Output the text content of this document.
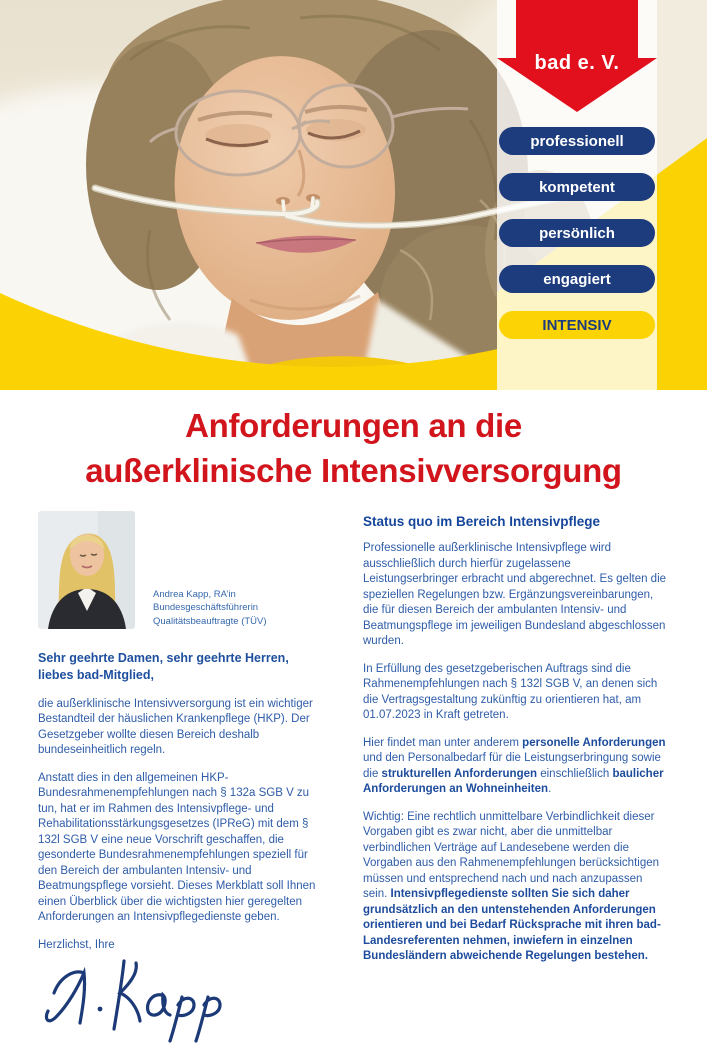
bad e. V.
professionell
kompetent
persönlich
engagiert
INTENSIV
Anforderungen an die
außerklinische Intensivversorgung
Andrea Kapp, RA’in
Bundesgeschäftsführerin
Qualitätsbeauftragte (TÜV)
Sehr geehrte Damen, sehr geehrte Herren,
liebes bad-Mitglied,

die außerklinische Intensivversorgung ist ein wichtiger Bestandteil der häuslichen Krankenpflege (HKP). Der Gesetzgeber wollte diesen Bereich deshalb bundeseinheitlich regeln.

Anstatt dies in den allgemeinen HKP-Bundesrahmenempfehlungen nach § 132a SGB V zu tun, hat er im Rahmen des Intensivpflege- und Rehabilitationsstärkungsgesetzes (IPReG) mit dem § 132l SGB V eine neue Vorschrift geschaffen, die gesonderte Bundesrahmenempfehlungen speziell für den Bereich der ambulanten Intensiv- und Beatmungspflege vorsieht. Dieses Merkblatt soll Ihnen einen Überblick über die wichtigsten hier geregelten Anforderungen an Intensivpflegedienste geben.

Herzlichst, Ihre
Status quo im Bereich Intensivpflege

Professionelle außerklinische Intensivpflege wird ausschließlich durch hierfür zugelassene Leistungserbringer erbracht und abgerechnet. Es gelten die speziellen Regelungen bzw. Ergänzungsvereinbarungen, die für diesen Bereich der ambulanten Intensiv- und Beatmungspflege im jeweiligen Bundesland abgeschlossen wurden.

In Erfüllung des gesetzgeberischen Auftrags sind die Rahmenempfehlungen nach § 132l SGB V, an denen sich die Vertragsgestaltung zukünftig zu orientieren hat, am 01.07.2023 in Kraft getreten.

Hier findet man unter anderem personelle Anforderungen und den Personalbedarf für die Leistungserbringung sowie die strukturellen Anforderungen einschließlich baulicher Anforderungen an Wohneinheiten.

Wichtig: Eine rechtlich unmittelbare Verbindlichkeit dieser Vorgaben gibt es zwar nicht, aber die unmittelbar verbindlichen Verträge auf Landesebene werden die Vorgaben aus den Rahmenempfehlungen berücksichtigen müssen und entsprechend nach und nach anzupassen sein. Intensivpflegedienste sollten Sie sich daher grundsätzlich an den untenstehenden Anforderungen orientieren und bei Bedarf Rücksprache mit ihren bad-Landesreferenten nehmen, inwiefern in einzelnen Bundesländern abweichende Regelungen bestehen.
